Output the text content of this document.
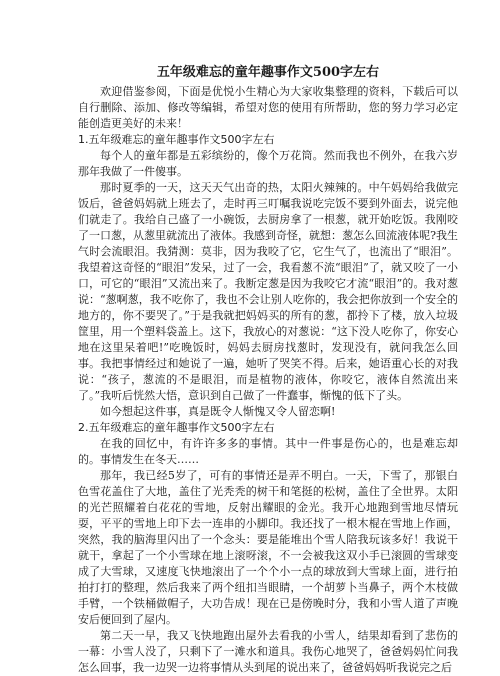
五年级难忘的童年趣事作文500字左右

欢迎借鉴参阅，下面是优悦小生精心为大家收集整理的资料，下载后可以自行删除、添加、修改等编辑，希望对您的使用有所帮助，您的努力学习必定能创造更美好的未来！

1.五年级难忘的童年趣事作文500字左右

每个人的童年都是五彩缤纷的，像个万花筒。然而我也不例外，在我六岁那年我做了一件傻事。

那时夏季的一天，这天天气出奇的热，太阳火辣辣的。中午妈妈给我做完饭后，爸爸妈妈就上班去了，走时再三叮嘱我说吃完饭不要到外面去，说完他们就走了。我给自己盛了一小碗饭，去厨房拿了一根葱，就开始吃饭。我刚咬了一口葱，从葱里就流出了液体。我感到奇怪，就想：葱怎么回流液体呢?我生气时会流眼泪。我猜测：莫非，因为我咬了它，它生气了，也流出了“眼泪”。我望着这奇怪的“眼泪”发呆，过了一会，我看葱不流“眼泪”了，就又咬了一小口，可它的“眼泪”又流出来了。我断定葱是因为我咬它才流“眼泪”的。我对葱说：“葱啊葱，我不吃你了，我也不会让别人吃你的，我会把你放到一个安全的地方的，你不要哭了。”于是我就把妈妈买的所有的葱，都拎下了楼，放入垃圾筐里，用一个塑料袋盖上。这下，我放心的对葱说：“这下没人吃你了，你安心地在这里呆着吧!”吃晚饭时，妈妈去厨房找葱时，发现没有，就问我怎么回事。我把事情经过和她说了一遍，她听了哭笑不得。后来，她语重心长的对我说：“孩子，葱流的不是眼泪，而是植物的液体，你咬它，液体自然流出来了。”我听后恍然大悟，意识到自己做了一件蠢事，惭愧的低下了头。

如今想起这件事，真是既令人惭愧又令人留恋啊!

2.五年级难忘的童年趣事作文500字左右

在我的回忆中，有许许多多的事情。其中一件事是伤心的，也是难忘却的。事情发生在冬天……

那年，我已经5岁了，可有的事情还是弄不明白。一天，下雪了，那银白色雪花盖住了大地，盖住了光秃秃的树干和笔挺的松树，盖住了全世界。太阳的光芒照耀着白花花的雪地，反射出耀眼的金光。我开心地跑到雪地尽情玩耍，平平的雪地上印下去一连串的小脚印。我还找了一根木棍在雪地上作画，突然，我的脑海里闪出了一个念头：要是能堆出个雪人陪我玩该多好！我说干就干，拿起了一个小雪球在地上滚呀滚，不一会被我这双小手已滚圆的雪球变成了大雪球，又速度飞快地滚出了一个个小一点的球放到大雪球上面，进行拍拍打打的整理，然后我来了两个纽扣当眼睛，一个胡萝卜当鼻子，两个木枝做手臂，一个铁桶做帽子，大功告成！现在已是傍晚时分，我和小雪人道了声晚安后便回到了屋内。

第二天一早，我又飞快地跑出屋外去看我的小雪人，结果却看到了悲伤的一幕：小雪人没了，只剩下了一滩水和道具。我伤心地哭了，爸爸妈妈忙问我怎么回事，我一边哭一边将事情从头到尾的说出来了，爸爸妈妈听我说完之后
